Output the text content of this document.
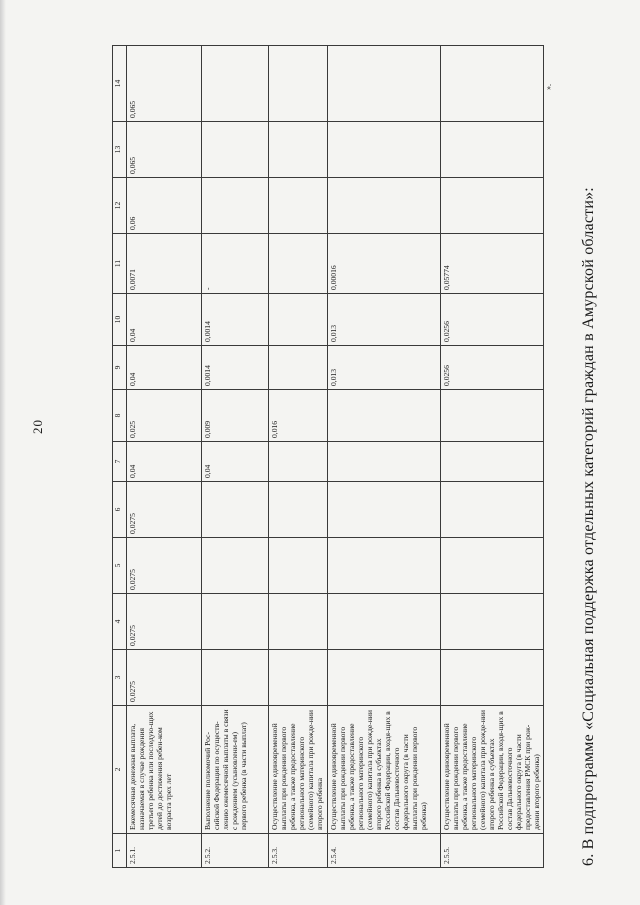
20
1	2	3	4	5	6	7	8	9	10	11	12	13	14
2.5.1.	Ежемесячная денежная выплата, назначаемая в случае рождения третьего ребенка или последую-щих детей до достижения ребен-ком возраста трех лет	0,0275	0,0275	0,0275	0,0275	0,04	0,025	0,04	0,04	0,0071	0,06	0,065	0,065
2.5.2.	Выполнение полномочий Рос-сийской Федерации по осуществ-лению ежемесячной выплаты в связи с рождением (усыновлени-ем) первого ребенка (в части выплат)					0,04	0,009	0,0014	0,0014	-			
2.5.3.	Осуществление единовременной выплаты при рождении первого ребенка, а также предоставление регионального материнского (семейного) капитала при рожде-нии второго ребенка						0,016						
2.5.4.	Осуществление единовременной выплаты при рождении первого ребенка, а также предоставление регионального материнского (семейного) капитала при рожде-нии второго ребенка в субъектах Российской Федерации, входя-щих в состав Дальневосточного федерального округа (в части выплаты при рождении первого ребенка)							0,013	0,013	0,00016			
2.5.5.	Осуществление единовременной выплаты при рождении первого ребенка, а также предоставление регионального материнского (семейного) капитала при рожде-нии второго ребенка в субъектах Российской Федерации, входя-щих в состав Дальневосточного федерального округа (в части предоставления РМСК при рож-дении второго ребенка)							0,0256	0,0256	0,05774			
».
6. В подпрограмме «Социальная поддержка отдельных категорий граждан в Амурской области»:
